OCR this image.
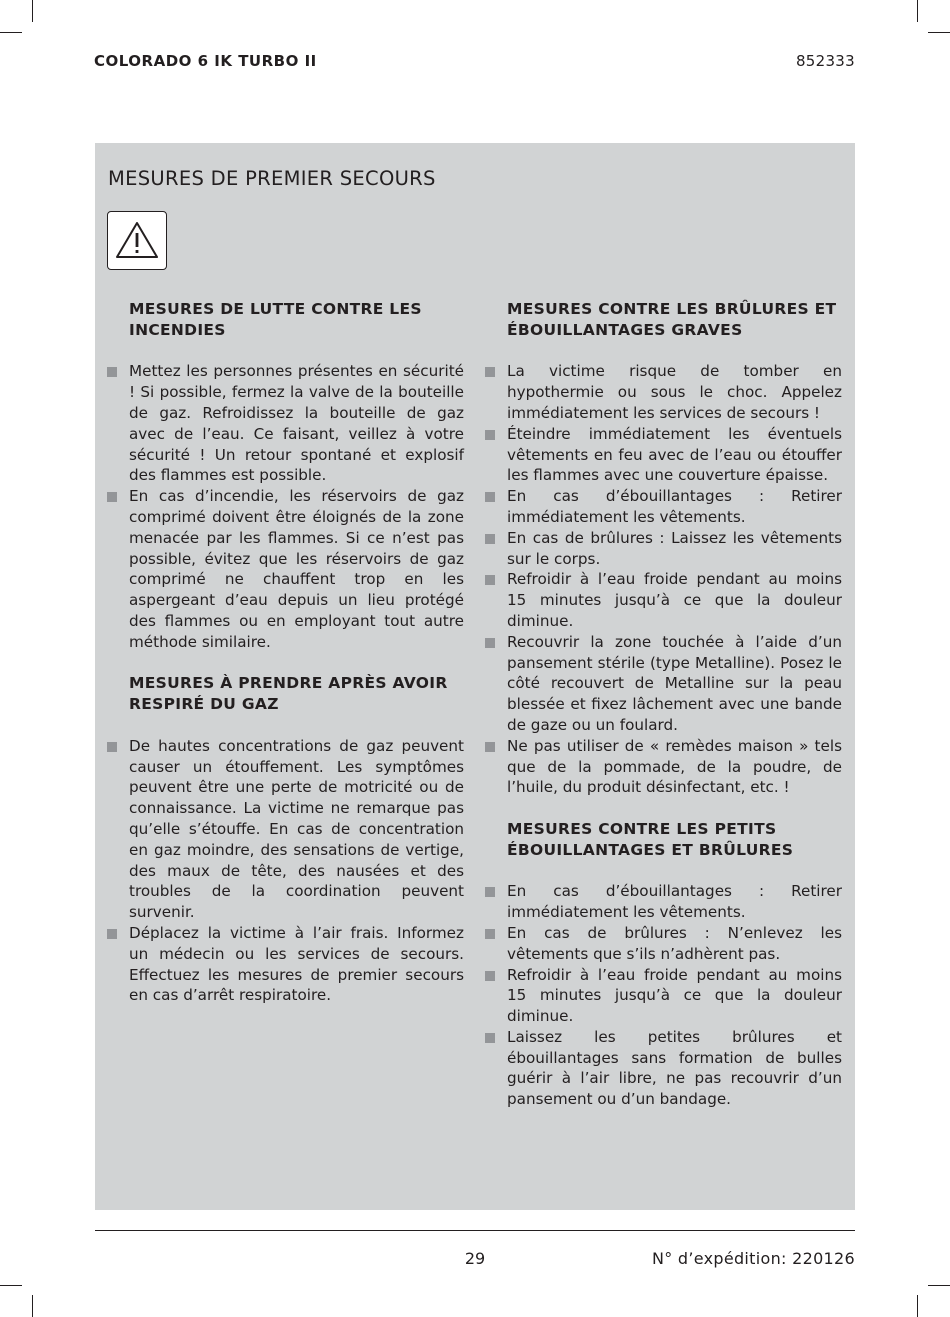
COLORADO 6 IK TURBO II	852333
MESURES DE PREMIER SECOURS
MESURES DE LUTTE CONTRE LES
INCENDIES
Mettez les personnes présentes en sécurité ! Si possible, fermez la valve de la bouteille de gaz. Refroidissez la bouteille de gaz avec de l’eau. Ce faisant, veillez à votre sécurité ! Un retour spontané et explosif des flammes est possible.
En cas d’incendie, les réservoirs de gaz comprimé doivent être éloignés de la zone menacée par les flammes. Si ce n’est pas possible, évitez que les réservoirs de gaz comprimé ne chauffent trop en les aspergeant d’eau depuis un lieu protégé des flammes ou en employant tout autre méthode similaire.
MESURES À PRENDRE APRÈS AVOIR
RESPIRÉ DU GAZ
De hautes concentrations de gaz peuvent causer un étouffement. Les symptômes peuvent être une perte de motricité ou de connaissance. La victime ne remarque pas qu’elle s’étouffe. En cas de concentration en gaz moindre, des sensations de vertige, des maux de tête, des nausées et des troubles de la coordination peuvent survenir.
Déplacez la victime à l’air frais. Informez un médecin ou les services de secours. Effectuez les mesures de premier secours en cas d’arrêt respiratoire.
MESURES CONTRE LES BRÛLURES ET
ÉBOUILLANTAGES GRAVES
La victime risque de tomber en hypothermie ou sous le choc. Appelez immédiatement les services de secours !
Éteindre immédiatement les éventuels vêtements en feu avec de l’eau ou étouffer les flammes avec une couverture épaisse.
En cas d’ébouillantages : Retirer immédiatement les vêtements.
En cas de brûlures : Laissez les vêtements sur le corps.
Refroidir à l’eau froide pendant au moins 15 minutes jusqu’à ce que la douleur diminue.
Recouvrir la zone touchée à l’aide d’un pansement stérile (type Metalline). Posez le côté recouvert de Metalline sur la peau blessée et fixez lâchement avec une bande de gaze ou un foulard.
Ne pas utiliser de « remèdes maison » tels que de la pommade, de la poudre, de l’huile, du produit désinfectant, etc. !
MESURES CONTRE LES PETITS
ÉBOUILLANTAGES ET BRÛLURES
En cas d’ébouillantages : Retirer immédiatement les vêtements.
En cas de brûlures : N’enlevez les vêtements que s’ils n’adhèrent pas.
Refroidir à l’eau froide pendant au moins 15 minutes jusqu’à ce que la douleur diminue.
Laissez les petites brûlures et ébouillantages sans formation de bulles guérir à l’air libre, ne pas recouvrir d’un pansement ou d’un bandage.
29	N° d’expédition: 220126
